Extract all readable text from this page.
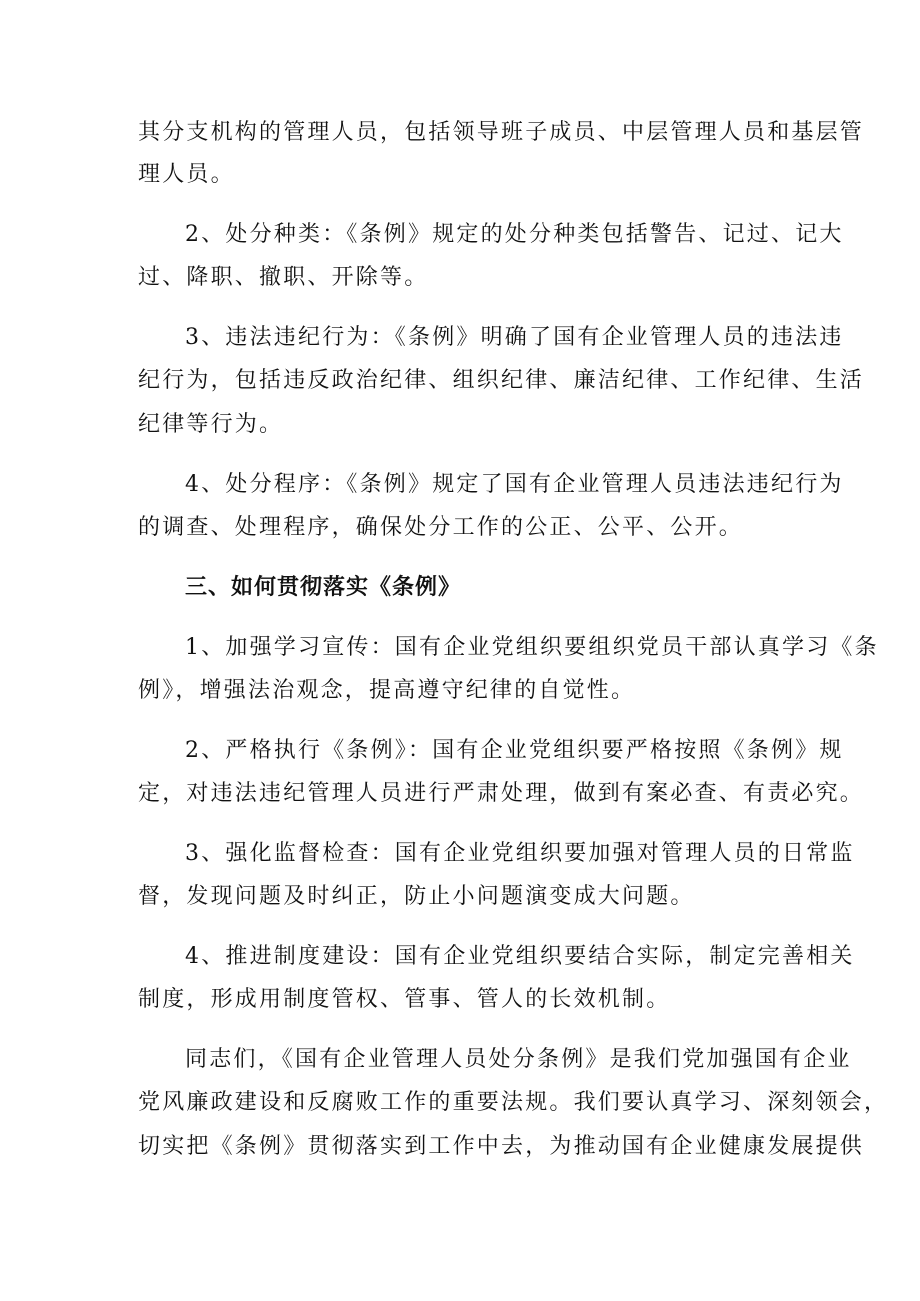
其分支机构的管理人员，包括领导班子成员、中层管理人员和基层管
理人员。
2、处分种类：《条例》规定的处分种类包括警告、记过、记大
过、降职、撤职、开除等。
3、违法违纪行为：《条例》明确了国有企业管理人员的违法违
纪行为，包括违反政治纪律、组织纪律、廉洁纪律、工作纪律、生活
纪律等行为。
4、处分程序：《条例》规定了国有企业管理人员违法违纪行为
的调查、处理程序，确保处分工作的公正、公平、公开。
三、如何贯彻落实《条例》
1、加强学习宣传：国有企业党组织要组织党员干部认真学习《条
例》，增强法治观念，提高遵守纪律的自觉性。
2、严格执行《条例》：国有企业党组织要严格按照《条例》规
定，对违法违纪管理人员进行严肃处理，做到有案必查、有责必究。
3、强化监督检查：国有企业党组织要加强对管理人员的日常监
督，发现问题及时纠正，防止小问题演变成大问题。
4、推进制度建设：国有企业党组织要结合实际，制定完善相关
制度，形成用制度管权、管事、管人的长效机制。
同志们，《国有企业管理人员处分条例》是我们党加强国有企业
党风廉政建设和反腐败工作的重要法规。我们要认真学习、深刻领会，
切实把《条例》贯彻落实到工作中去，为推动国有企业健康发展提供
